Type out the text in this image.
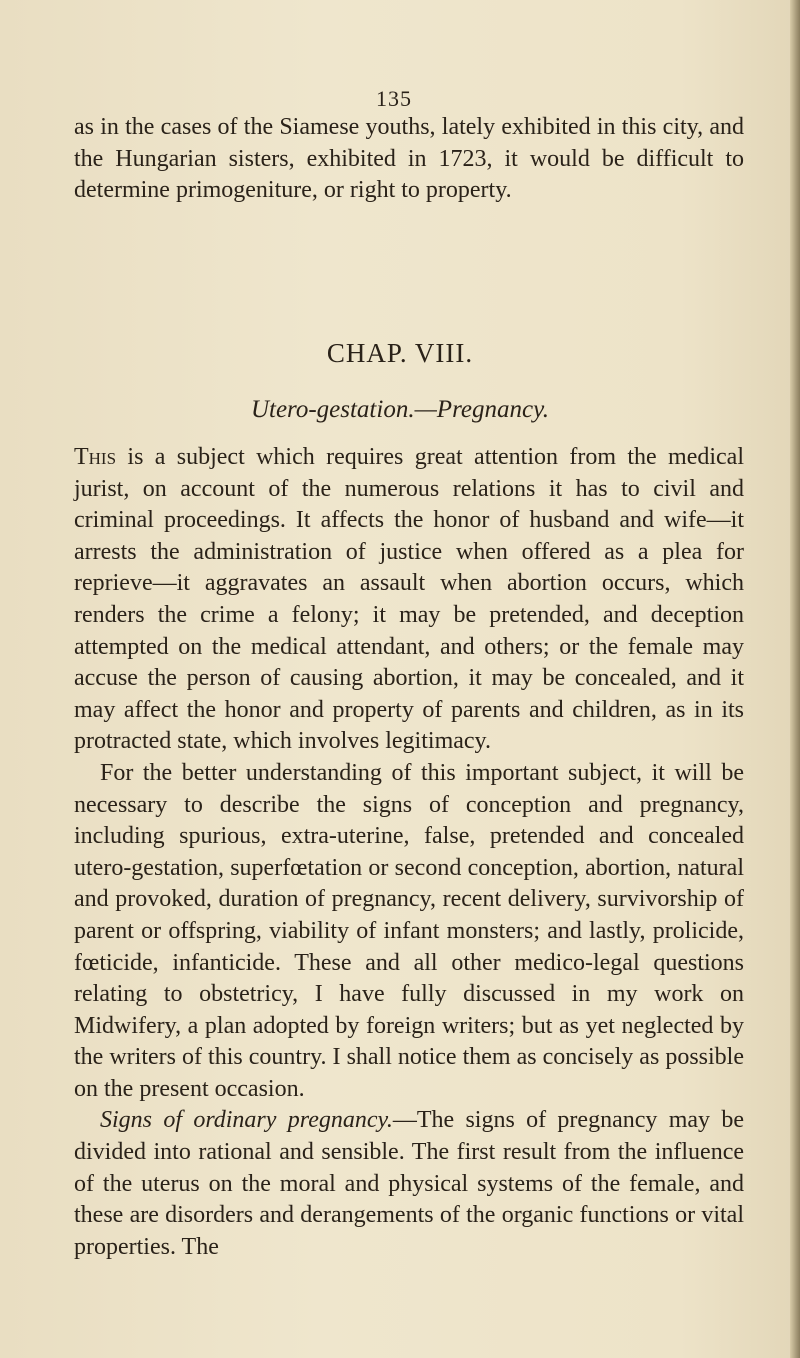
135

as in the cases of the Siamese youths, lately exhibited in this city, and the Hungarian sisters, exhibited in 1723, it would be difficult to determine primogeniture, or right to property.

CHAP. VIII.
Utero-gestation.—Pregnancy.

This is a subject which requires great attention from the medical jurist, on account of the numerous relations it has to civil and criminal proceedings. It affects the honor of husband and wife—it arrests the administration of justice when offered as a plea for reprieve—it aggravates an assault when abortion occurs, which renders the crime a felony; it may be pretended, and deception attempted on the medical attendant, and others; or the female may accuse the person of causing abortion, it may be concealed, and it may affect the honor and property of parents and children, as in its protracted state, which involves legitimacy.

For the better understanding of this important subject, it will be necessary to describe the signs of conception and pregnancy, including spurious, extra-uterine, false, pretended and concealed utero-gestation, superfœtation or second conception, abortion, natural and provoked, duration of pregnancy, recent delivery, survivorship of parent or offspring, viability of infant monsters; and lastly, prolicide, fœticide, infanticide. These and all other medico-legal questions relating to obstetricy, I have fully discussed in my work on Midwifery, a plan adopted by foreign writers; but as yet neglected by the writers of this country. I shall notice them as concisely as possible on the present occasion.

Signs of ordinary pregnancy.—The signs of pregnancy may be divided into rational and sensible. The first result from the influence of the uterus on the moral and physical systems of the female, and these are disorders and derangements of the organic functions or vital properties. The
